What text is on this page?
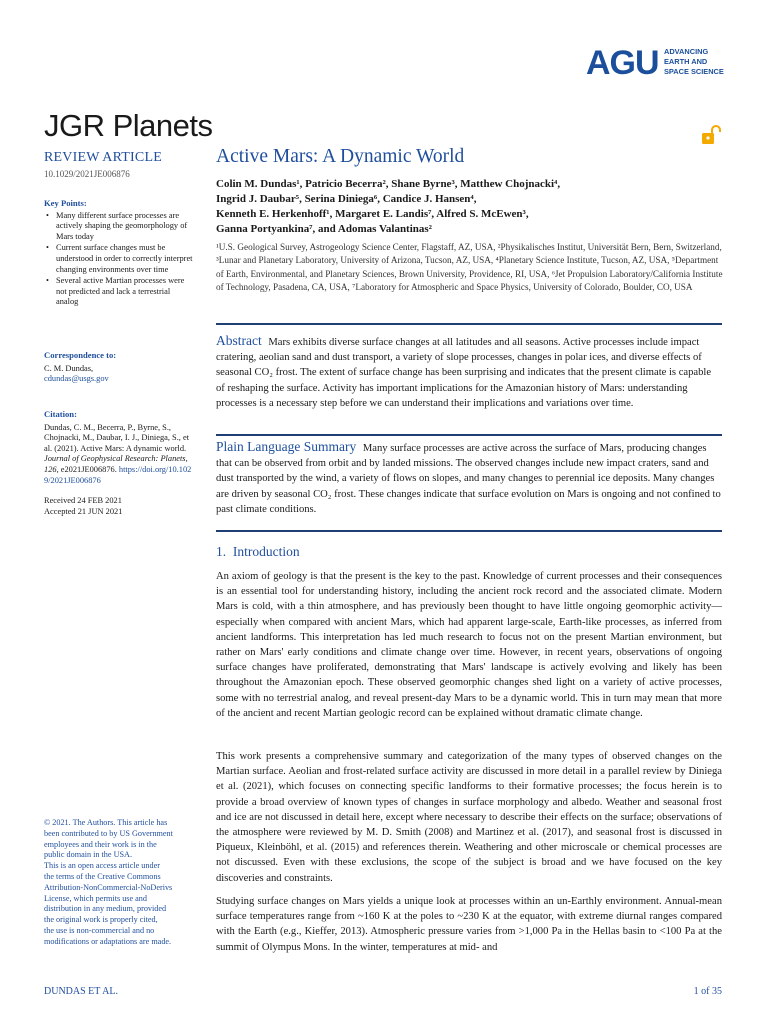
AGU ADVANCING
EARTH AND
SPACE SCIENCE
JGR Planets
REVIEW ARTICLE
10.1029/2021JE006876
Key Points:
• Many different surface processes are actively shaping the geomorphology of Mars today
• Current surface changes must be understood in order to correctly interpret changing environments over time
• Several active Martian processes were not predicted and lack a terrestrial analog
Correspondence to:
C. M. Dundas,
cdundas@usgs.gov
Citation:
Dundas, C. M., Becerra, P., Byrne, S., Chojnacki, M., Daubar, I. J., Diniega, S., et al. (2021). Active Mars: A dynamic world. Journal of Geophysical Research: Planets, 126, e2021JE006876. https://doi.org/10.1029/2021JE006876
Received 24 FEB 2021
Accepted 21 JUN 2021
© 2021. The Authors. This article has
been contributed to by US Government
employees and their work is in the
public domain in the USA.
This is an open access article under
the terms of the Creative Commons
Attribution-NonCommercial-NoDerivs
License, which permits use and
distribution in any medium, provided
the original work is properly cited,
the use is non-commercial and no
modifications or adaptations are made.
Active Mars: A Dynamic World
Colin M. Dundas¹, Patricio Becerra², Shane Byrne³, Matthew Chojnacki⁴,
Ingrid J. Daubar⁵, Serina Diniega⁶, Candice J. Hansen⁴,
Kenneth E. Herkenhoff¹, Margaret E. Landis⁷, Alfred S. McEwen³,
Ganna Portyankina⁷, and Adomas Valantinas²
¹U.S. Geological Survey, Astrogeology Science Center, Flagstaff, AZ, USA, ²Physikalisches Institut, Universität Bern, Bern, Switzerland, ³Lunar and Planetary Laboratory, University of Arizona, Tucson, AZ, USA, ⁴Planetary Science Institute, Tucson, AZ, USA, ⁵Department of Earth, Environmental, and Planetary Sciences, Brown University, Providence, RI, USA, ⁶Jet Propulsion Laboratory/California Institute of Technology, Pasadena, CA, USA, ⁷Laboratory for Atmospheric and Space Physics, University of Colorado, Boulder, CO, USA

Abstract Mars exhibits diverse surface changes at all latitudes and all seasons. Active processes include impact cratering, aeolian sand and dust transport, a variety of slope processes, changes in polar ices, and diverse effects of seasonal CO₂ frost. The extent of surface change has been surprising and indicates that the present climate is capable of reshaping the surface. Activity has important implications for the Amazonian history of Mars: understanding processes is a necessary step before we can understand their implications and variations over time.

Plain Language Summary Many surface processes are active across the surface of Mars, producing changes that can be observed from orbit and by landed missions. The observed changes include new impact craters, sand and dust transported by the wind, a variety of flows on slopes, and many changes to perennial ice deposits. Many changes are driven by seasonal CO₂ frost. These changes indicate that surface evolution on Mars is ongoing and not confined to past climate conditions.

1.  Introduction

An axiom of geology is that the present is the key to the past. Knowledge of current processes and their consequences is an essential tool for understanding history, including the ancient rock record and the associated climate. Modern Mars is cold, with a thin atmosphere, and has previously been thought to have little ongoing geomorphic activity—especially when compared with ancient Mars, which had apparent large-scale, Earth-like processes, as inferred from ancient landforms. This interpretation has led much research to focus not on the present Martian environment, but rather on Mars' early conditions and climate change over time. However, in recent years, observations of ongoing surface changes have proliferated, demonstrating that Mars' landscape is actively evolving and likely has been throughout the Amazonian epoch. These observed geomorphic changes shed light on a variety of active processes, some with no terrestrial analog, and reveal present-day Mars to be a dynamic world. This in turn may mean that more of the ancient and recent Martian geologic record can be explained without dramatic climate change.

This work presents a comprehensive summary and categorization of the many types of observed changes on the Martian surface. Aeolian and frost-related surface activity are discussed in more detail in a parallel review by Diniega et al. (2021), which focuses on connecting specific landforms to their formative processes; the focus herein is to provide a broad overview of known types of changes in surface morphology and albedo. Weather and seasonal frost and ice are not discussed in detail here, except where necessary to describe their effects on the surface; observations of the atmosphere were reviewed by M. D. Smith (2008) and Martinez et al. (2017), and seasonal frost is discussed in Piqueux, Kleinböhl, et al. (2015) and references therein. Weathering and other microscale or chemical processes are not discussed. Even with these exclusions, the scope of the subject is broad and we have focused on the key discoveries and constraints.

Studying surface changes on Mars yields a unique look at processes within an un-Earthly environment. Annual-mean surface temperatures range from ~160 K at the poles to ~230 K at the equator, with extreme diurnal ranges compared with the Earth (e.g., Kieffer, 2013). Atmospheric pressure varies from >1,000 Pa in the Hellas basin to <100 Pa at the summit of Olympus Mons. In the winter, temperatures at mid- and

DUNDAS ET AL.	1 of 35
